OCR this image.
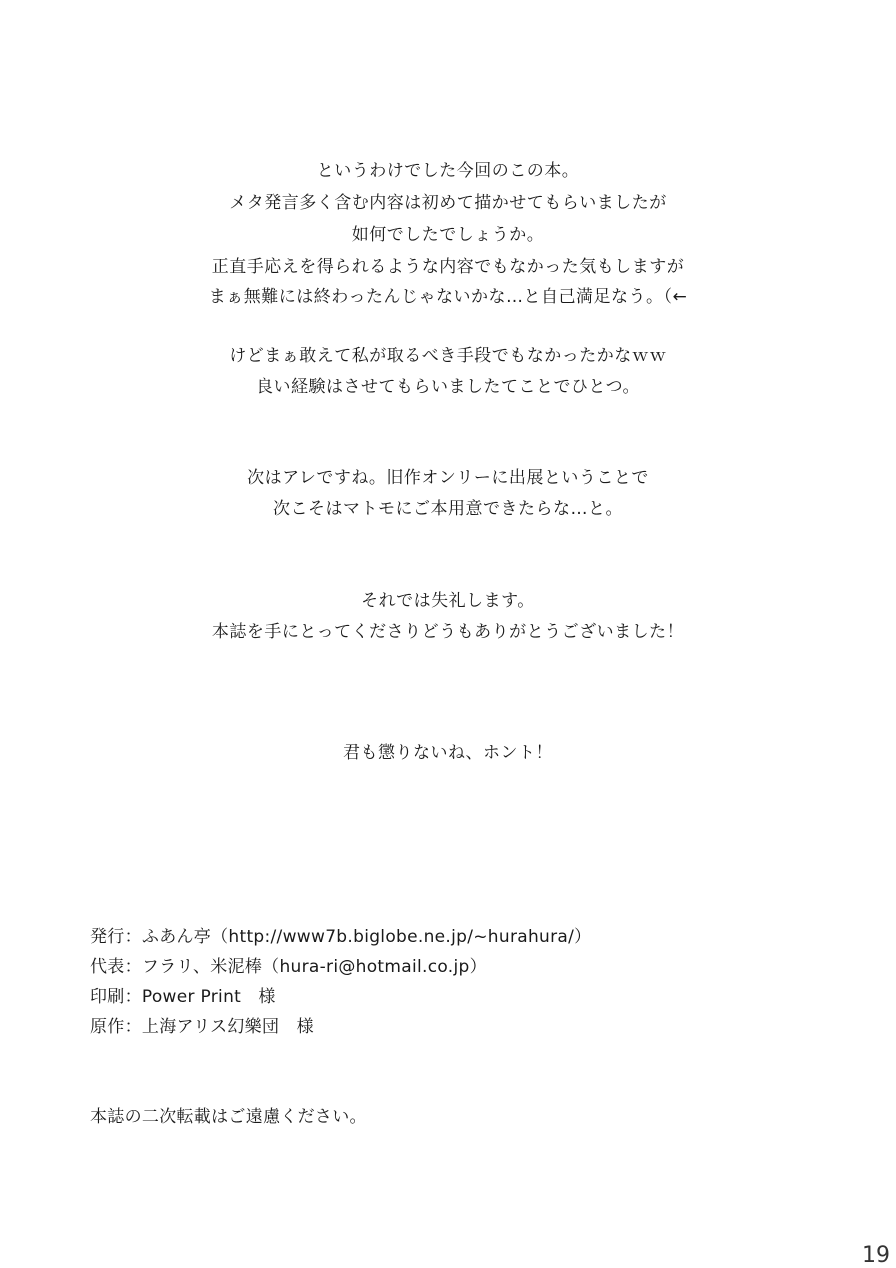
というわけでした今回のこの本。
メタ発言多く含む内容は初めて描かせてもらいましたが
如何でしたでしょうか。
正直手応えを得られるような内容でもなかった気もしますが
まぁ無難には終わったんじゃないかな…と自己満足なう。（←
けどまぁ敢えて私が取るべき手段でもなかったかなｗｗ
良い経験はさせてもらいましたてことでひとつ。
次はアレですね。旧作オンリーに出展ということで
次こそはマトモにご本用意できたらな…と。
それでは失礼します。
本誌を手にとってくださりどうもありがとうございました！
君も懲りないね、ホント！
発行：ふあん亭（http://www7b.biglobe.ne.jp/~hurahura/）
代表：フラリ、米泥棒（hura-ri@hotmail.co.jp）
印刷：Power Print　様
原作：上海アリス幻樂団　様
本誌の二次転載はご遠慮ください。
19
